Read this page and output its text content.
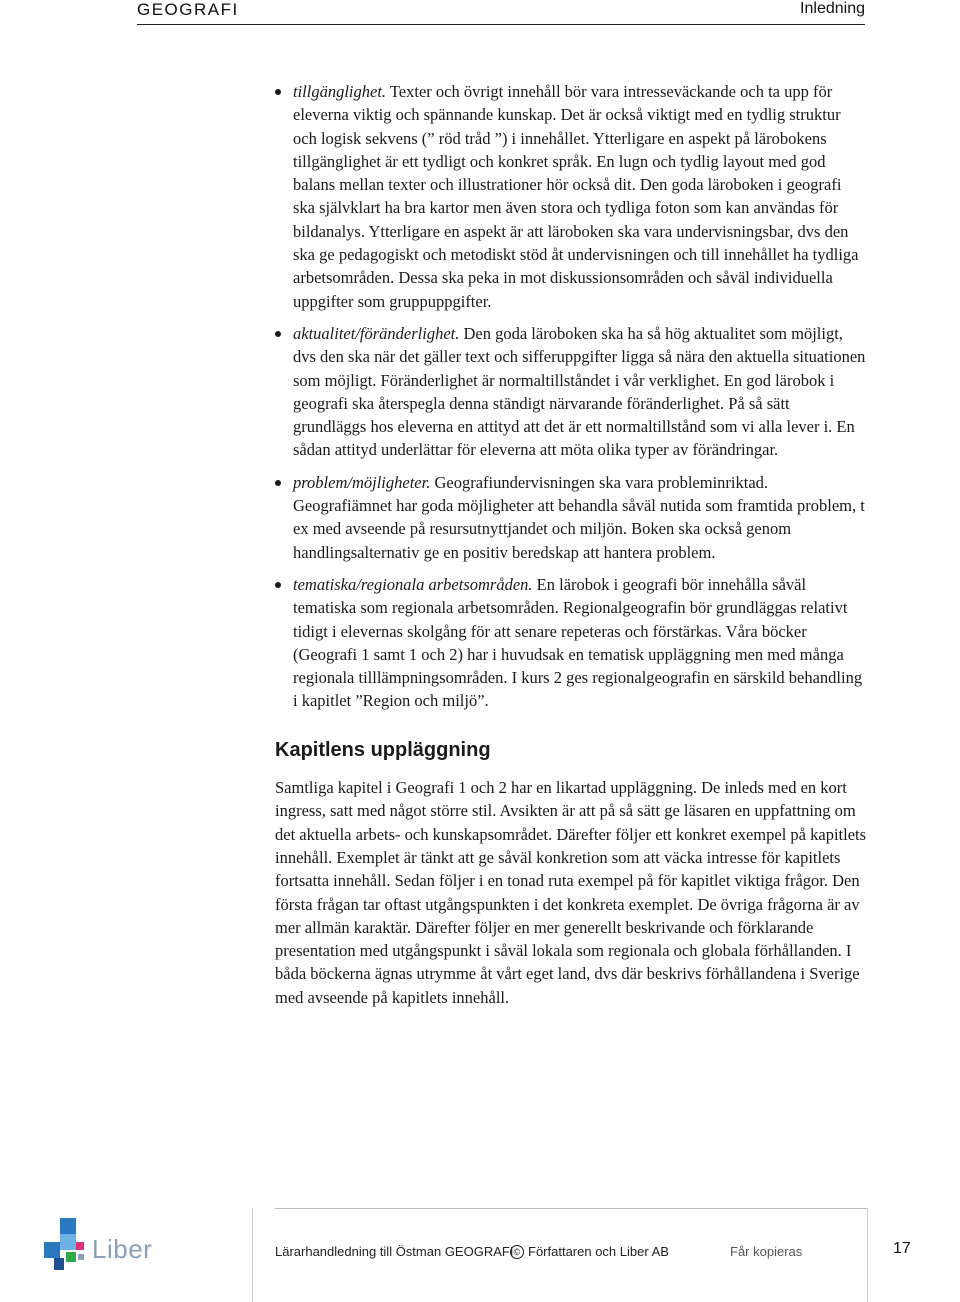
GEOGRAFI	Inledning
tillgänglighet. Texter och övrigt innehåll bör vara intresseväckande och ta upp för eleverna viktig och spännande kunskap. Det är också viktigt med en tydlig struktur och logisk sekvens (” röd tråd ”) i innehållet. Ytterligare en aspekt på lärobokens tillgänglighet är ett tydligt och konkret språk. En lugn och tydlig layout med god balans mellan texter och illustrationer hör också dit. Den goda läroboken i geografi ska självklart ha bra kartor men även stora och tydliga foton som kan användas för bildanalys. Ytterligare en aspekt är att läroboken ska vara undervisningsbar, dvs den ska ge pedagogiskt och metodiskt stöd åt undervisningen och till innehållet ha tydliga arbetsområden. Dessa ska peka in mot diskussionsområden och såväl individuella uppgifter som gruppuppgifter.
aktualitet/föränderlighet. Den goda läroboken ska ha så hög aktualitet som möjligt, dvs den ska när det gäller text och sifferuppgifter ligga så nära den aktuella situationen som möjligt. Föränderlighet är normaltillståndet i vår verklighet. En god lärobok i geografi ska återspegla denna ständigt närvarande föränderlighet. På så sätt grundläggs hos eleverna en attityd att det är ett normaltillstånd som vi alla lever i. En sådan attityd underlättar för eleverna att möta olika typer av förändringar.
problem/möjligheter. Geografiundervisningen ska vara probleminriktad. Geografiämnet har goda möjligheter att behandla såväl nutida som framtida problem, t ex med avseende på resursutnyttjandet och miljön. Boken ska också genom handlingsalternativ ge en positiv beredskap att hantera problem.
tematiska/regionala arbetsområden. En lärobok i geografi bör innehålla såväl tematiska som regionala arbetsområden. Regionalgeografin bör grundläggas relativt tidigt i elevernas skolgång för att senare repeteras och förstärkas. Våra böcker (Geografi 1 samt 1 och 2) har i huvudsak en tematisk uppläggning men med många regionala tilllämpningsområden. I kurs 2 ges regionalgeografin en särskild behandling i kapitlet ”Region och miljö”.
Kapitlens uppläggning

Samtliga kapitel i Geografi 1 och 2 har en likartad uppläggning. De inleds med en kort ingress, satt med något större stil. Avsikten är att på så sätt ge läsaren en uppfattning om det aktuella arbets- och kunskapsområdet. Därefter följer ett konkret exempel på kapitlets innehåll. Exemplet är tänkt att ge såväl konkretion som att väcka intresse för kapitlets fortsatta innehåll. Sedan följer i en tonad ruta exempel på för kapitlet viktiga frågor. Den första frågan tar oftast utgångspunkten i det konkreta exemplet. De övriga frågorna är av mer allmän karaktär. Därefter följer en mer generellt beskrivande och förklarande presentation med utgångspunkt i såväl lokala som regionala och globala förhållanden. I båda böckerna ägnas utrymme åt vårt eget land, dvs där beskrivs förhållandena i Sverige med avseende på kapitlets innehåll.

Liber	Lärarhandledning till Östman GEOGRAFI © Författaren och Liber AB	Får kopieras	17
